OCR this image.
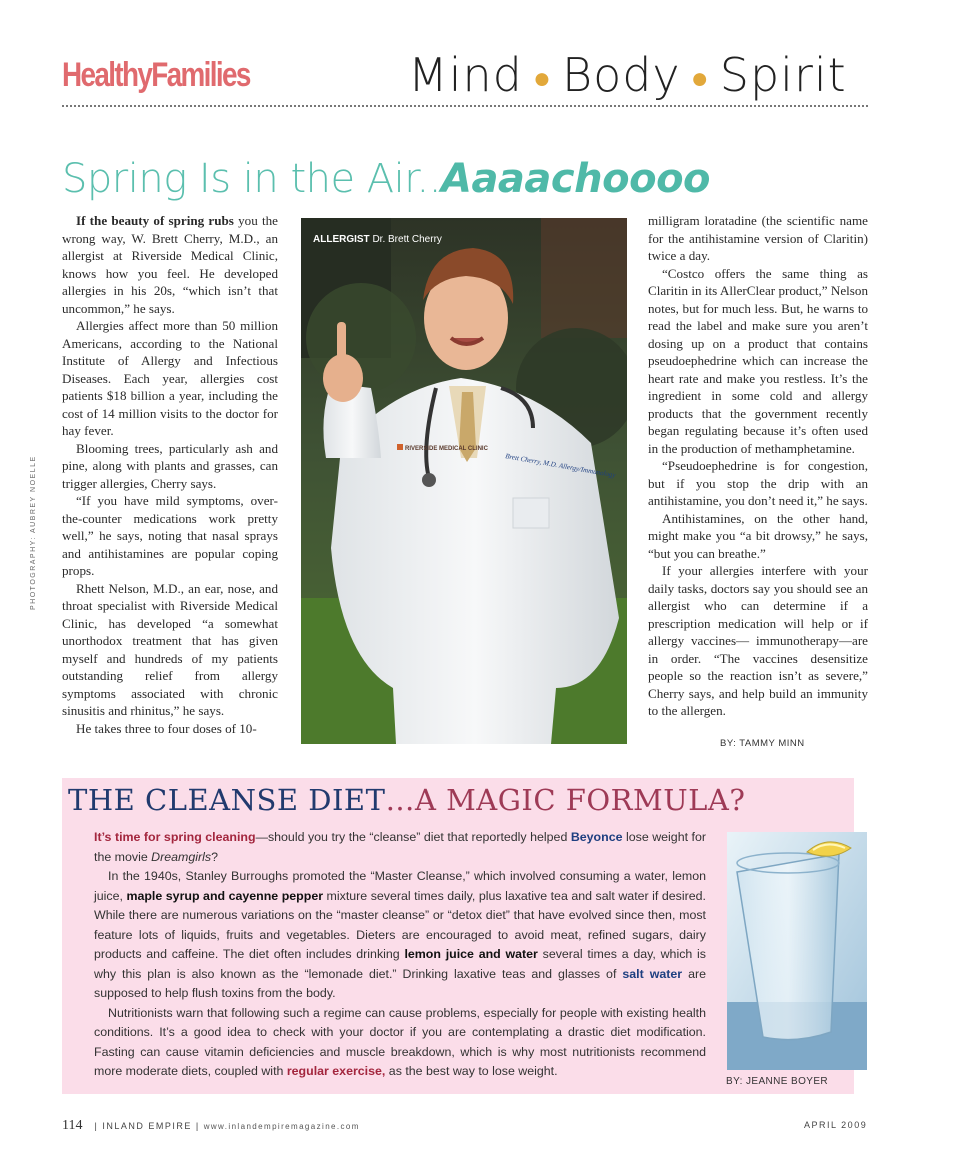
HealthyFamilies	Mind ● Body ● Spirit
Spring Is in the Air..Aaaachoooo

If the beauty of spring rubs you the wrong way, W. Brett Cherry, M.D., an allergist at Riverside Medical Clinic, knows how you feel. He developed allergies in his 20s, “which isn’t that uncommon,” he says.

Allergies affect more than 50 million Americans, according to the National Institute of Allergy and Infectious Diseases. Each year, allergies cost patients $18 billion a year, including the cost of 14 million visits to the doctor for hay fever.

Blooming trees, particularly ash and pine, along with plants and grasses, can trigger allergies, Cherry says.

“If you have mild symptoms, over-the-counter medications work pretty well,” he says, noting that nasal sprays and antihistamines are popular coping props.

Rhett Nelson, M.D., an ear, nose, and throat specialist with Riverside Medical Clinic, has developed “a somewhat unorthodox treatment that has given myself and hundreds of my patients outstanding relief from allergy symptoms associated with chronic sinusitis and rhinitus,” he says.

He takes three to four doses of 10-

PHOTOGRAPHY: AUBREY NOELLE	Brett Cherry, M.D. Allergy/Immunology
RIVERSIDE MEDICAL CLINIC
ALLERGIST Dr. Brett Cherry

milligram loratadine (the scientific name for the antihistamine version of Claritin) twice a day.

“Costco offers the same thing as Claritin in its AllerClear product,” Nelson notes, but for much less. But, he warns to read the label and make sure you aren’t dosing up on a product that contains pseudoephedrine which can increase the heart rate and make you restless. It’s the ingredient in some cold and allergy products that the government recently began regulating because it’s often used in the production of methamphetamine.

“Pseudoephedrine is for congestion, but if you stop the drip with an antihistamine, you don’t need it,” he says.

Antihistamines, on the other hand, might make you “a bit drowsy,” he says, “but you can breathe.”

If your allergies interfere with your daily tasks, doctors say you should see an allergist who can determine if a prescription medication will help or if allergy vaccines— immunotherapy—are in order. “The vaccines desensitize people so the reaction isn’t as severe,” Cherry says, and help build an immunity to the allergen.

BY: TAMMY MINN
THE CLEANSE DIET…A MAGIC FORMULA?

It’s time for spring cleaning—should you try the “cleanse” diet that reportedly helped Beyonce lose weight for the movie Dreamgirls?

In the 1940s, Stanley Burroughs promoted the “Master Cleanse,” which involved consuming a water, lemon juice, maple syrup and cayenne pepper mixture several times daily, plus laxative tea and salt water if desired. While there are numerous variations on the “master cleanse” or “detox diet” that have evolved since then, most feature lots of liquids, fruits and vegetables. Dieters are encouraged to avoid meat, refined sugars, dairy products and caffeine. The diet often includes drinking lemon juice and water several times a day, which is why this plan is also known as the “lemonade diet.” Drinking laxative teas and glasses of salt water are supposed to help flush toxins from the body.

Nutritionists warn that following such a regime can cause problems, especially for people with existing health conditions. It’s a good idea to check with your doctor if you are contemplating a drastic diet modification. Fasting can cause vitamin deficiencies and muscle breakdown, which is why most nutritionists recommend more moderate diets, coupled with regular exercise, as the best way to lose weight.

BY: JEANNE BOYER
114 | INLAND EMPIRE | www.inlandempiremagazine.com	APRIL 2009
